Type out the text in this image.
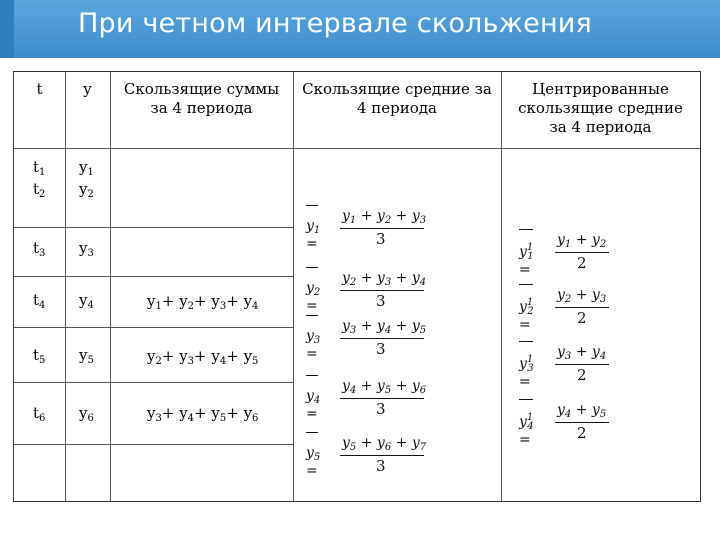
При четном интервале скольжения
t	y	Скользящие суммы
за 4 периода
Скользящие средние за
4 периода
Центрированные
скользящие средние
за 4 периода
$t_1$
$t_2$
$t_3$
$t_4$
$t_5$
$t_6$
$y_1$
$y_2$
$y_3$
$y_4$
$y_5$
$y_6$
$y_1+ y_2+ y_3+ y_4$
$y_2+ y_3+ y_4+ y_5$
$y_3+ y_4+ y_5+ y_6$
$y_1$ =
$y_1 + y_2 + y_3$
3
$y_2$ =
$y_2 + y_3 + y_4$
3
$y_3$ =
$y_3 + y_4 + y_5$
3
$y_4$ =
$y_4 + y_5 + y_6$
3
$y_5$ =
$y_5 + y_6 + y_7$
3
$y^1_1$ =
$y_1 + y_2$
2
$y^1_2$ =
$y_2 + y_3$
2
$y^1_3$ =
$y_3 + y_4$
2
$y^1_4$ =
$y_4 + y_5$
2
